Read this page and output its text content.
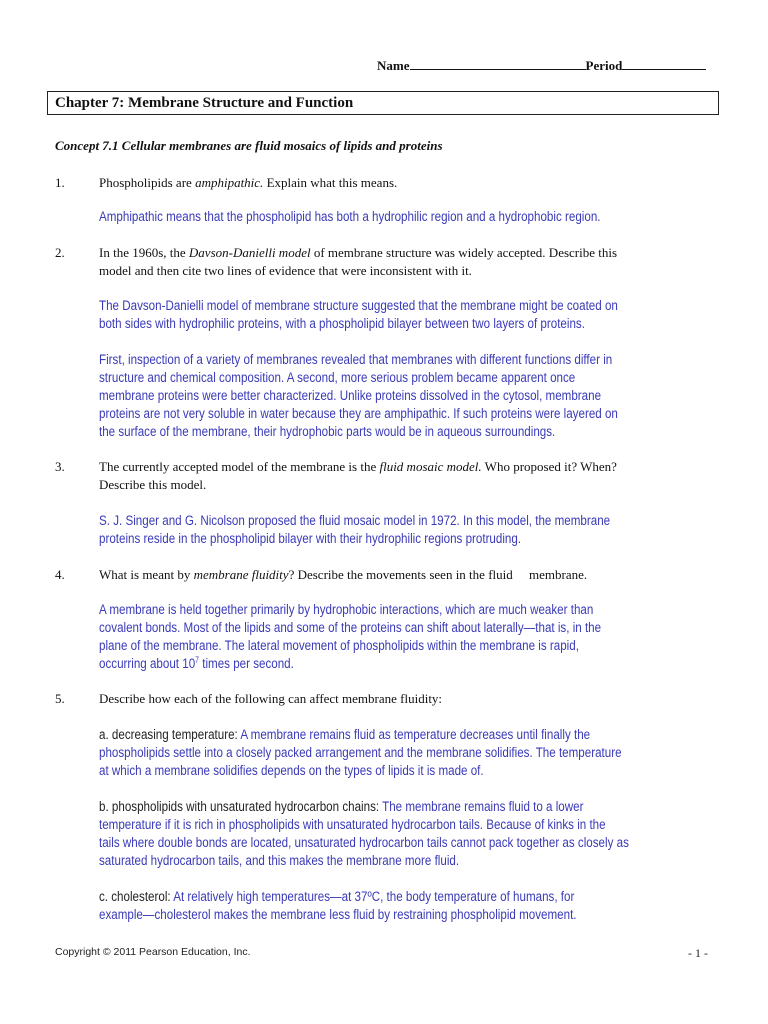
Name	Period
Chapter 7: Membrane Structure and Function
Concept 7.1 Cellular membranes are fluid mosaics of lipids and proteins
1.	Phospholipids are amphipathic. Explain what this means.
Amphipathic means that the phospholipid has both a hydrophilic region and a hydrophobic region.
2.	In the 1960s, the Davson-Danielli model of membrane structure was widely accepted. Describe this
model and then cite two lines of evidence that were inconsistent with it.
The Davson-Danielli model of membrane structure suggested that the membrane might be coated on
both sides with hydrophilic proteins, with a phospholipid bilayer between two layers of proteins.
First, inspection of a variety of membranes revealed that membranes with different functions differ in
structure and chemical composition. A second, more serious problem became apparent once
membrane proteins were better characterized. Unlike proteins dissolved in the cytosol, membrane
proteins are not very soluble in water because they are amphipathic. If such proteins were layered on
the surface of the membrane, their hydrophobic parts would be in aqueous surroundings.
3.	The currently accepted model of the membrane is the fluid mosaic model. Who proposed it? When?
Describe this model.
S. J. Singer and G. Nicolson proposed the fluid mosaic model in 1972. In this model, the membrane
proteins reside in the phospholipid bilayer with their hydrophilic regions protruding.
4.	What is meant by membrane fluidity? Describe the movements seen in the fluid     membrane.
A membrane is held together primarily by hydrophobic interactions, which are much weaker than
covalent bonds. Most of the lipids and some of the proteins can shift about laterally—that is, in the
plane of the membrane. The lateral movement of phospholipids within the membrane is rapid,
occurring about $10^7$ times per second.
5.	Describe how each of the following can affect membrane fluidity:
a. decreasing temperature: A membrane remains fluid as temperature decreases until finally the
phospholipids settle into a closely packed arrangement and the membrane solidifies. The temperature
at which a membrane solidifies depends on the types of lipids it is made of.
b. phospholipids with unsaturated hydrocarbon chains: The membrane remains fluid to a lower
temperature if it is rich in phospholipids with unsaturated hydrocarbon tails. Because of kinks in the
tails where double bonds are located, unsaturated hydrocarbon tails cannot pack together as closely as
saturated hydrocarbon tails, and this makes the membrane more fluid.
c. cholesterol: At relatively high temperatures—at 37ºC, the body temperature of humans, for
example—cholesterol makes the membrane less fluid by restraining phospholipid movement.
Copyright © 2011 Pearson Education, Inc.	- 1 -
